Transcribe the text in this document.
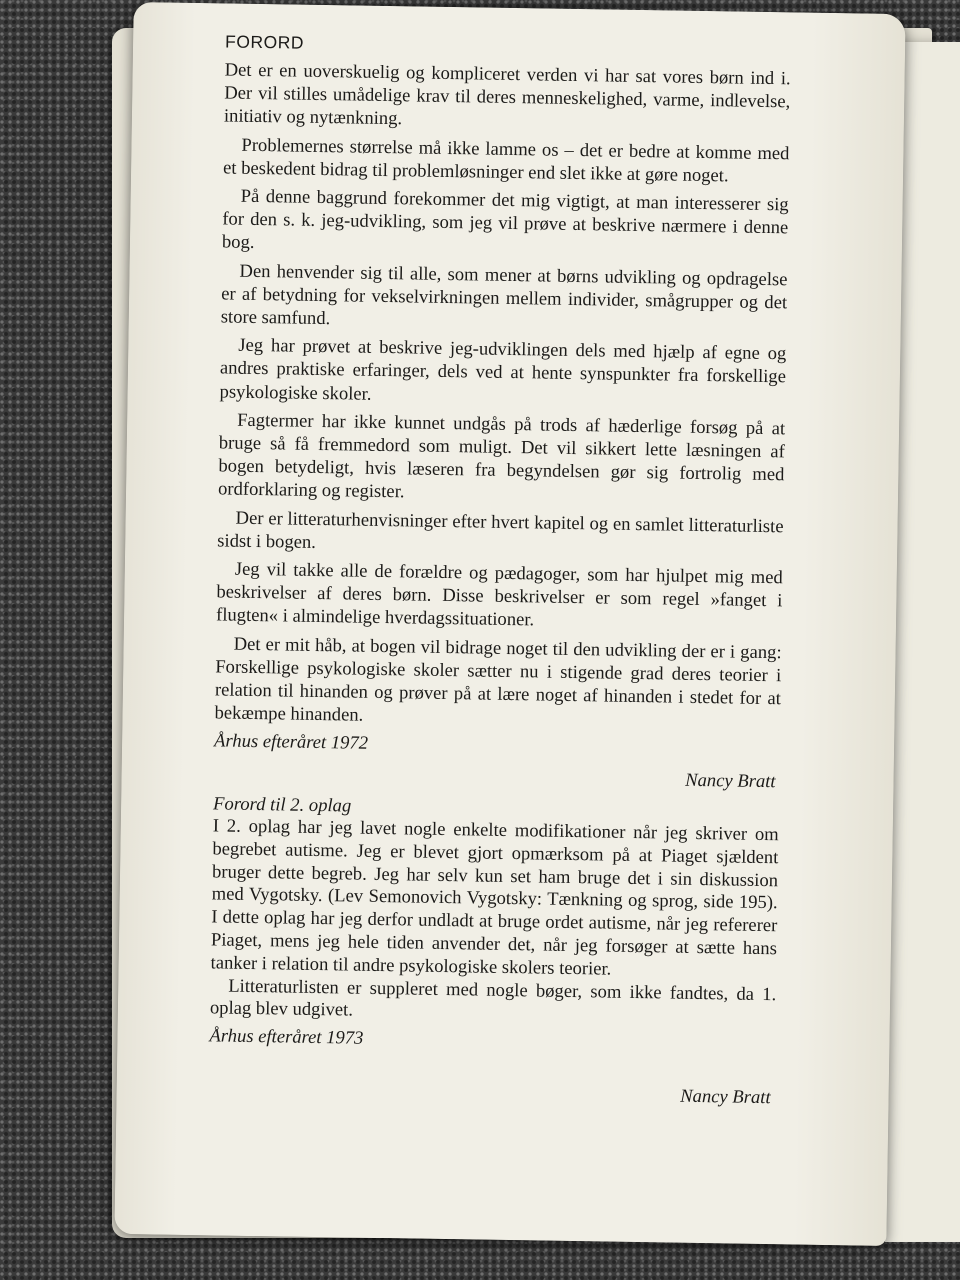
FORORD

Det er en uoverskuelig og kompliceret verden vi har sat vores børn ind i. Der vil stilles umådelige krav til deres menneskelighed, varme, indlevelse, initiativ og nytænkning.

Problemernes størrelse må ikke lamme os – det er bedre at komme med et beskedent bidrag til problemløsninger end slet ikke at gøre noget.

På denne baggrund forekommer det mig vigtigt, at man interesserer sig for den s. k. jeg-udvikling, som jeg vil prøve at beskrive nærmere i denne bog.

Den henvender sig til alle, som mener at børns udvikling og opdragelse er af betydning for vekselvirkningen mellem individer, smågrupper og det store samfund.

Jeg har prøvet at beskrive jeg-udviklingen dels med hjælp af egne og andres praktiske erfaringer, dels ved at hente synspunkter fra forskellige psykologiske skoler.

Fagtermer har ikke kunnet undgås på trods af hæderlige forsøg på at bruge så få fremmedord som muligt. Det vil sikkert lette læsningen af bogen betydeligt, hvis læseren fra begyndelsen gør sig fortrolig med ordforklaring og register.

Der er litteraturhenvisninger efter hvert kapitel og en samlet litteraturliste sidst i bogen.

Jeg vil takke alle de forældre og pædagoger, som har hjulpet mig med beskrivelser af deres børn. Disse beskrivelser er som regel »fanget i flugten« i almindelige hverdagssituationer.

Det er mit håb, at bogen vil bidrage noget til den udvikling der er i gang: Forskellige psykologiske skoler sætter nu i stigende grad deres teorier i relation til hinanden og prøver på at lære noget af hinanden i stedet for at bekæmpe hinanden.

Århus efteråret 1972
Nancy Bratt
Forord til 2. oplag

I 2. oplag har jeg lavet nogle enkelte modifikationer når jeg skriver om begrebet autisme. Jeg er blevet gjort opmærksom på at Piaget sjældent bruger dette begreb. Jeg har selv kun set ham bruge det i sin diskussion med Vygotsky. (Lev Semonovich Vygotsky: Tænkning og sprog, side 195). I dette oplag har jeg derfor undladt at bruge ordet autisme, når jeg refererer Piaget, mens jeg hele tiden anvender det, når jeg forsøger at sætte hans tanker i relation til andre psykologiske skolers teorier.

Litteraturlisten er suppleret med nogle bøger, som ikke fandtes, da 1. oplag blev udgivet.

Århus efteråret 1973
Nancy Bratt
